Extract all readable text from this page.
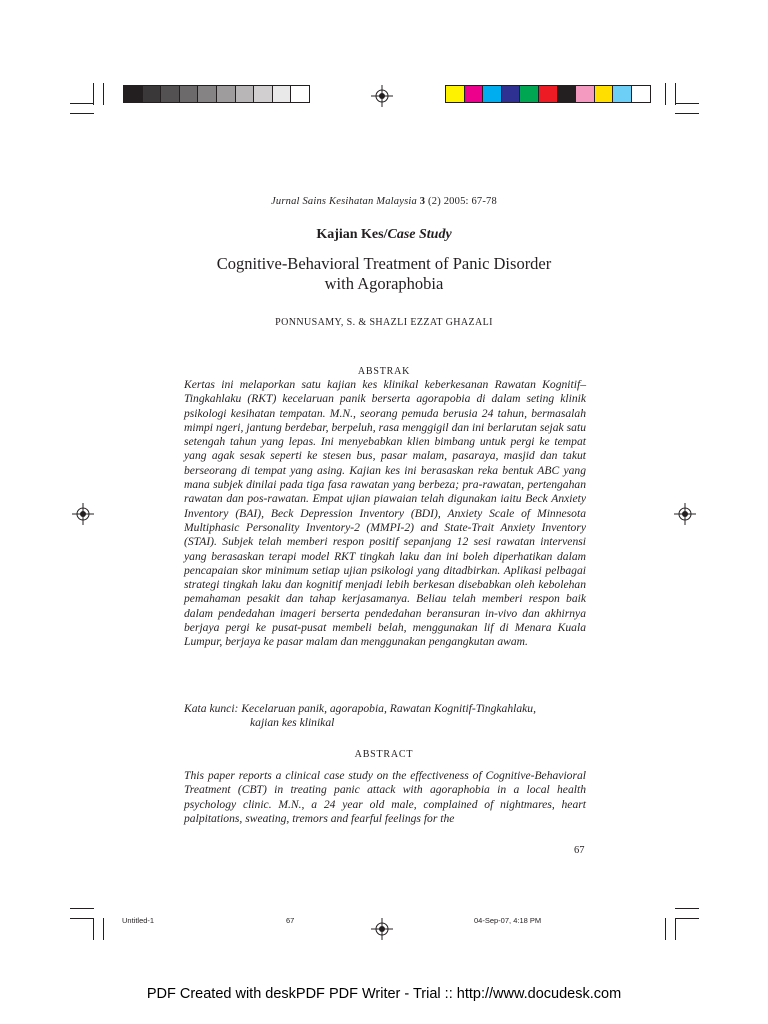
Jurnal Sains Kesihatan Malaysia 3 (2) 2005: 67-78
Kajian Kes/Case Study
Cognitive-Behavioral Treatment of Panic Disorder
with Agoraphobia
PONNUSAMY, S. & SHAZLI EZZAT GHAZALI
ABSTRAK

Kertas ini melaporkan satu kajian kes klinikal keberkesanan Rawatan Kognitif–Tingkahlaku (RKT) kecelaruan panik berserta agorapobia di dalam seting klinik psikologi kesihatan tempatan. M.N., seorang pemuda berusia 24 tahun, bermasalah mimpi ngeri, jantung berdebar, berpeluh, rasa menggigil dan ini berlarutan sejak satu setengah tahun yang lepas. Ini menyebabkan klien bimbang untuk pergi ke tempat yang agak sesak seperti ke stesen bus, pasar malam, pasaraya, masjid dan takut berseorang di tempat yang asing. Kajian kes ini berasaskan reka bentuk ABC yang mana subjek dinilai pada tiga fasa rawatan yang berbeza; pra-rawatan, pertengahan rawatan dan pos-rawatan. Empat ujian piawaian telah digunakan iaitu Beck Anxiety Inventory (BAI), Beck Depression Inventory (BDI), Anxiety Scale of Minnesota Multiphasic Personality Inventory-2 (MMPI-2) and State-Trait Anxiety Inventory (STAI). Subjek telah memberi respon positif sepanjang 12 sesi rawatan intervensi yang berasaskan terapi model RKT tingkah laku dan ini boleh diperhatikan dalam pencapaian skor minimum setiap ujian psikologi yang ditadbirkan. Aplikasi pelbagai strategi tingkah laku dan kognitif menjadi lebih berkesan disebabkan oleh kebolehan pemahaman pesakit dan tahap kerjasamanya. Beliau telah memberi respon baik dalam pendedahan imageri berserta pendedahan beransuran in-vivo dan akhirnya berjaya pergi ke pusat-pusat membeli belah, menggunakan lif di Menara Kuala Lumpur, berjaya ke pasar malam dan menggunakan pengangkutan awam.

Kata kunci: Kecelaruan panik, agorapobia, Rawatan Kognitif-Tingkahlaku,
kajian kes klinikal
ABSTRACT

This paper reports a clinical case study on the effectiveness of Cognitive-Behavioral Treatment (CBT) in treating panic attack with agoraphobia in a local health psychology clinic. M.N., a 24 year old male, complained of nightmares, heart palpitations, sweating, tremors and fearful feelings for the

67
Untitled-1	67	04-Sep-07, 4:18 PM
PDF Created with deskPDF PDF Writer - Trial :: http://www.docudesk.com
